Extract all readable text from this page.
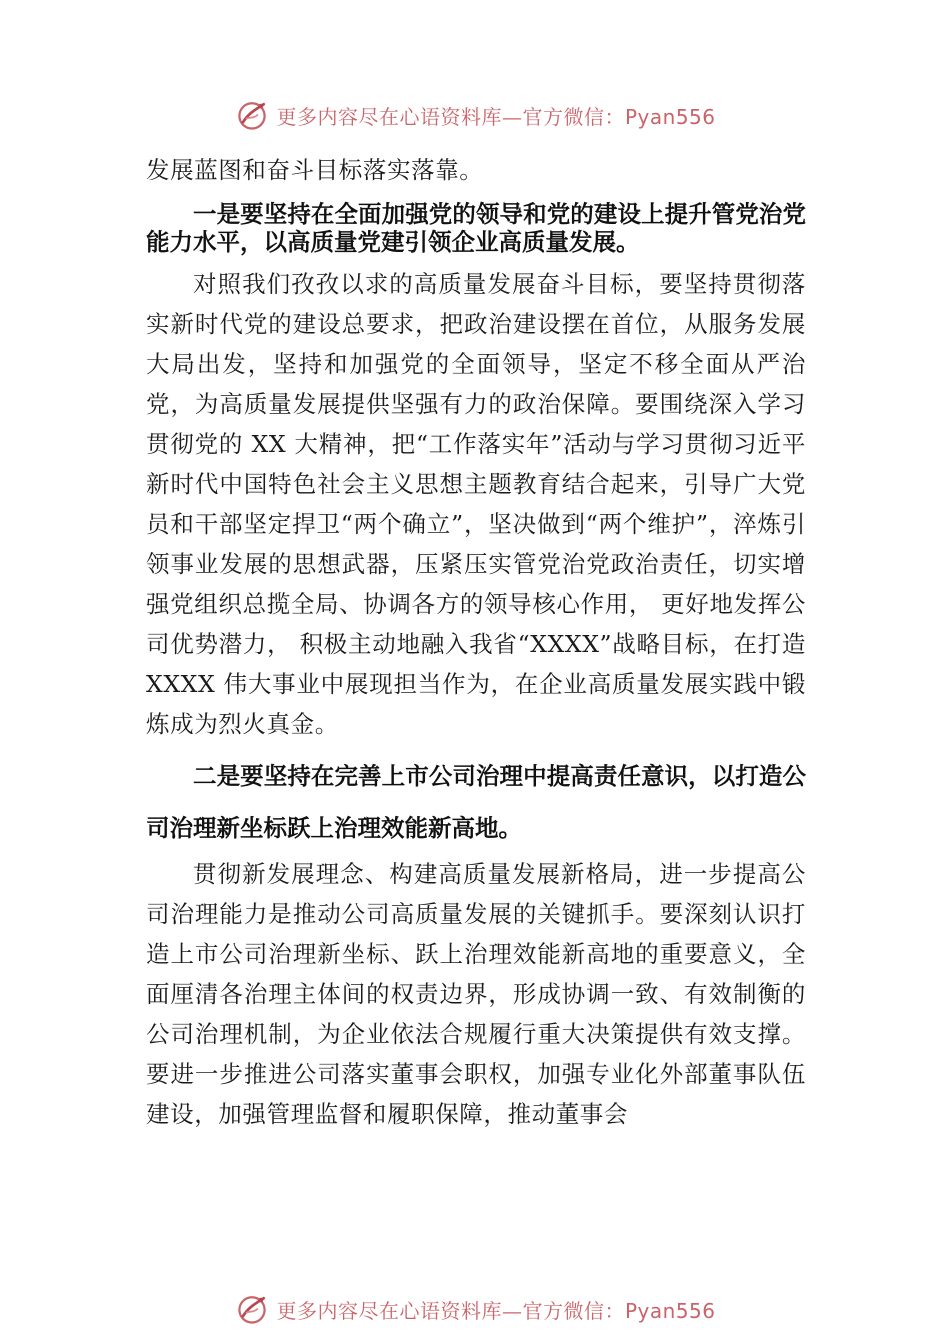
更多内容尽在心语资料库—官方微信：Pyan556

发展蓝图和奋斗目标落实落靠。

一是要坚持在全面加强党的领导和党的建设上提升管党治党能力水平，以高质量党建引领企业高质量发展。

对照我们孜孜以求的高质量发展奋斗目标，要坚持贯彻落实新时代党的建设总要求，把政治建设摆在首位，从服务发展大局出发，坚持和加强党的全面领导，坚定不移全面从严治党，为高质量发展提供坚强有力的政治保障。要围绕深入学习贯彻党的 XX 大精神，把“工作落实年”活动与学习贯彻习近平新时代中国特色社会主义思想主题教育结合起来，引导广大党员和干部坚定捍卫“两个确立”，坚决做到“两个维护”，淬炼引领事业发展的思想武器，压紧压实管党治党政治责任，切实增强党组织总揽全局、协调各方的领导核心作用， 更好地发挥公司优势潜力， 积极主动地融入我省“XXXX”战略目标，在打造 XXXX 伟大事业中展现担当作为，在企业高质量发展实践中锻炼成为烈火真金。

二是要坚持在完善上市公司治理中提高责任意识，以打造公司治理新坐标跃上治理效能新高地。

贯彻新发展理念、构建高质量发展新格局，进一步提高公司治理能力是推动公司高质量发展的关键抓手。要深刻认识打造上市公司治理新坐标、跃上治理效能新高地的重要意义，全面厘清各治理主体间的权责边界，形成协调一致、有效制衡的公司治理机制，为企业依法合规履行重大决策提供有效支撑。要进一步推进公司落实董事会职权，加强专业化外部董事队伍建设，加强管理监督和履职保障，推动董事会

更多内容尽在心语资料库—官方微信：Pyan556
